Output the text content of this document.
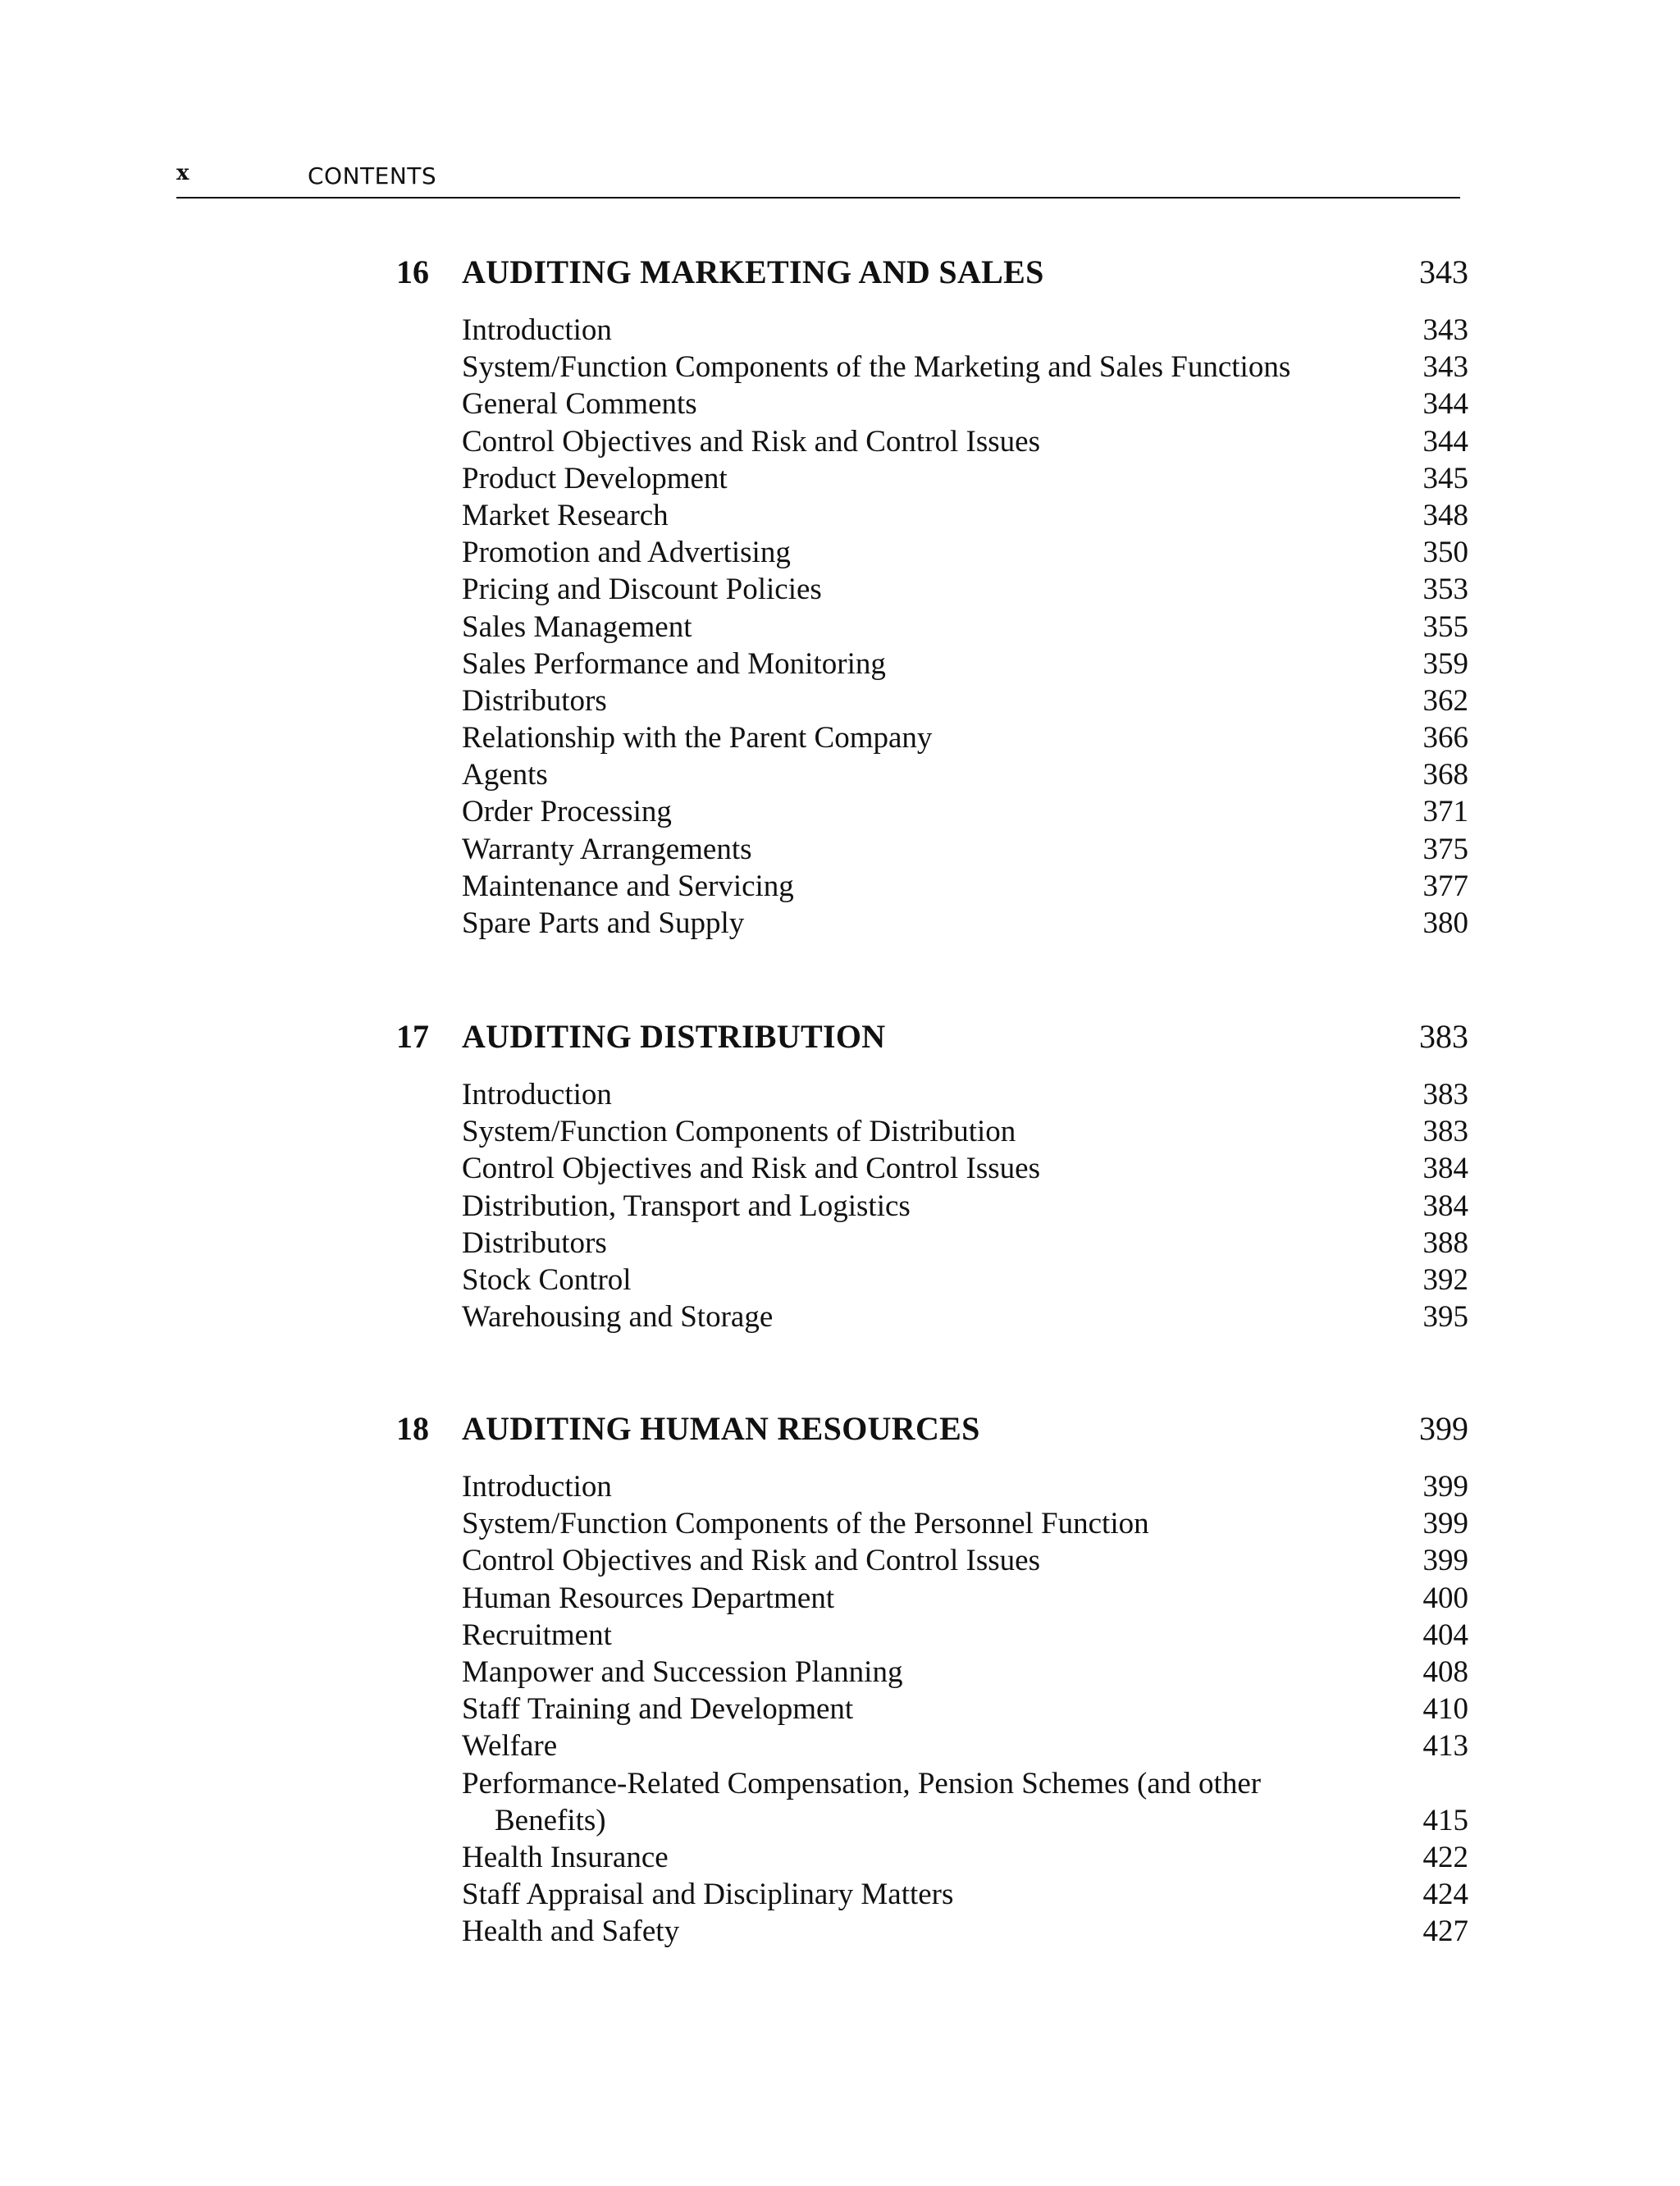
x	CONTENTS
16 AUDITING MARKETING AND SALES	343
Introduction	343
System/Function Components of the Marketing and Sales Functions	343
General Comments	344
Control Objectives and Risk and Control Issues	344
Product Development	345
Market Research	348
Promotion and Advertising	350
Pricing and Discount Policies	353
Sales Management	355
Sales Performance and Monitoring	359
Distributors	362
Relationship with the Parent Company	366
Agents	368
Order Processing	371
Warranty Arrangements	375
Maintenance and Servicing	377
Spare Parts and Supply	380
17 AUDITING DISTRIBUTION	383
Introduction	383
System/Function Components of Distribution	383
Control Objectives and Risk and Control Issues	384
Distribution, Transport and Logistics	384
Distributors	388
Stock Control	392
Warehousing and Storage	395
18 AUDITING HUMAN RESOURCES	399
Introduction	399
System/Function Components of the Personnel Function	399
Control Objectives and Risk and Control Issues	399
Human Resources Department	400
Recruitment	404
Manpower and Succession Planning	408
Staff Training and Development	410
Welfare	413
Performance-Related Compensation, Pension Schemes (and other
Benefits)	415
Health Insurance	422
Staff Appraisal and Disciplinary Matters	424
Health and Safety	427
